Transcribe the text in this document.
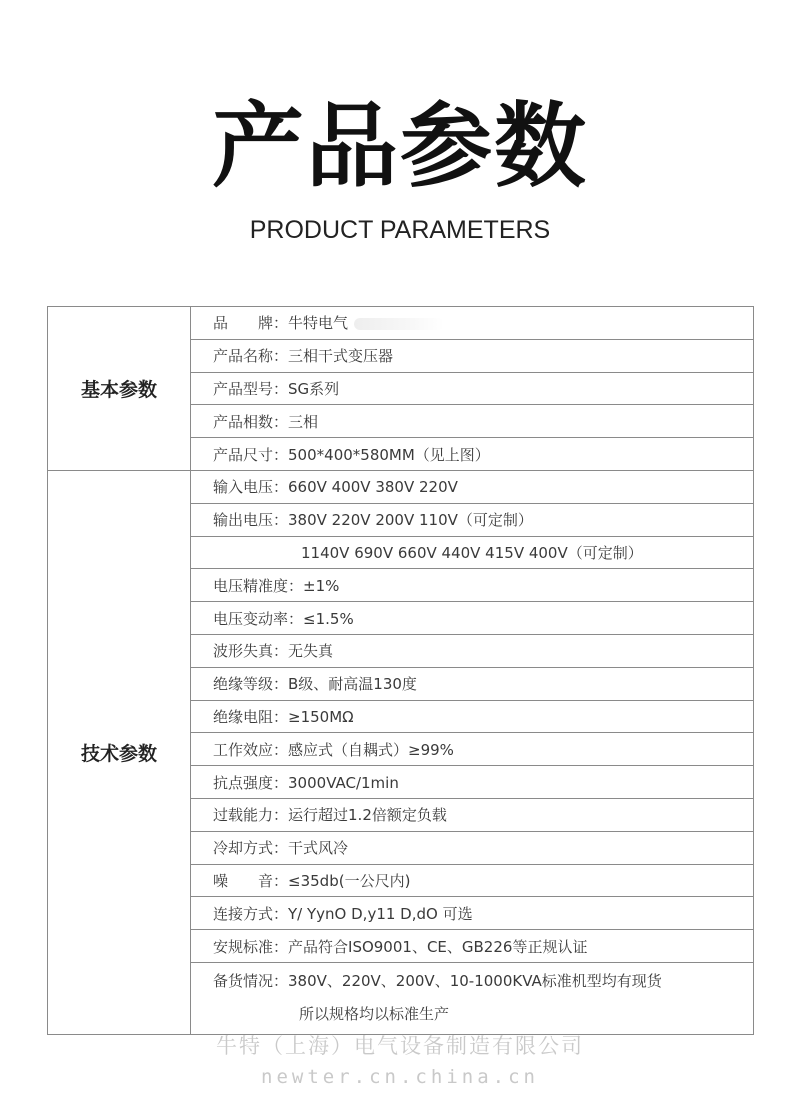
产品参数
PRODUCT PARAMETERS
基本参数	品　　牌：牛特电气
	产品名称：三相干式变压器
	产品型号：SG系列
	产品相数：三相
	产品尺寸：500*400*580MM（见上图）
技术参数	输入电压：660V 400V 380V 220V
	输出电压：380V 220V 200V 110V（可定制）
	1140V 690V 660V 440V 415V 400V（可定制）
	电压精准度：±1%
	电压变动率：≤1.5%
	波形失真：无失真
	绝缘等级：B级、耐高温130度
	绝缘电阻：≥150MΩ
	工作效应：感应式（自耦式）≥99%
	抗点强度：3000VAC/1min
	过载能力：运行超过1.2倍额定负载
	冷却方式：干式风冷
	噪　　音：≤35db(一公尺内)
	连接方式：Y/ YynO D,y11 D,dO 可选
	安规标准：产品符合ISO9001、CE、GB226等正规认证
	备货情况：380V、220V、200V、10-1000KVA标准机型均有现货
所以规格均以标准生产
牛特（上海）电气设备制造有限公司
newter.cn.china.cn
